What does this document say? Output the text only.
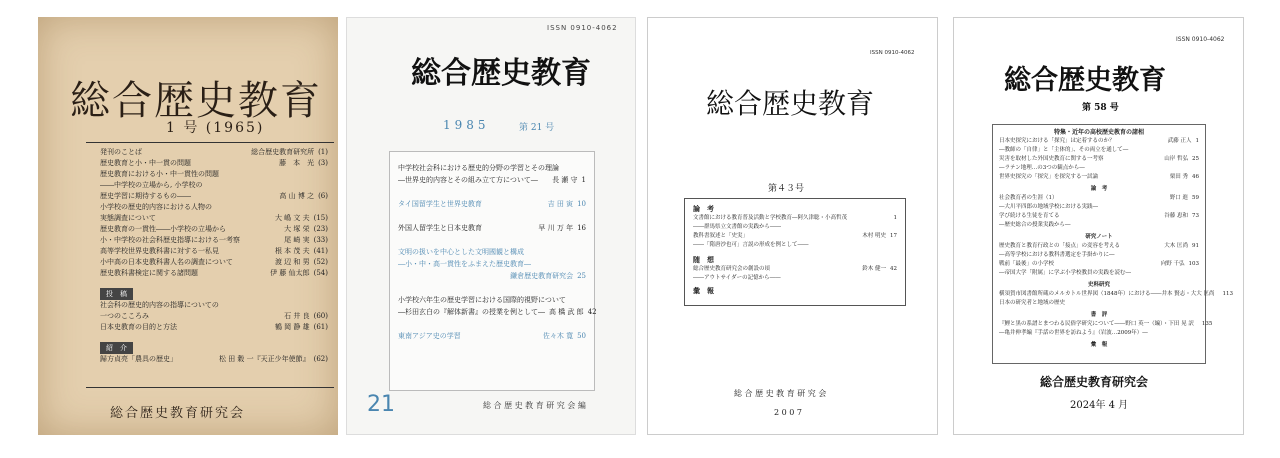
総合歴史教育
1 号 (1965)
発刊のことば	総合歴史教育研究所 (1)
歴史教育と小・中一貫の問題	藤　本　光 (3)
歴史教育における小・中一貫性の問題
――中学校の立場から, 小学校の
歴史学習に期待するもの――	高 山 博 之 (6)
小学校の歴史的内容における人物の
実態調査について	大 嶋 文 夫 (15)
歴史教育の一貫性――小学校の立場から	大 塚 栄 (23)
小・中学校の社会科歴史指導における一考察	尾 崎 実 (33)
高等学校世界史教科書に対する一私見	根 本 茂 夫 (41)
小中高の日本史教科書人名の調査について	渡 辺 和 男 (52)
歴史教科書検定に関する諸問題	伊 藤 仙太郎 (54)
投　稿
社会科の歴史的内容の指導についての
一つのこころみ	石 井 良 (60)
日本史教育の目的と方法	鶴 岡 静 雄 (61)
紹　介
歸方貞亮「農具の歴史」	松 田 穀 一『天正少年使節』 (62)
総合歴史教育研究会
ISSN 0910-4062
総合歴史教育
1985	第 21 号
中学校社会科における歴史的分野の学習とその理論
―世界史的内容とその組み立て方について― 長 瀬 守 1
タイ国留学生と世界史教育	吉 田 寅 10
外国人留学生と日本史教育	早 川 万 年 16
文明の扱いを中心とした文明國観と構成
―小・中・高一貫性をふまえた歴史教育―
鎌倉歴史教育研究会 25
小学校六年生の歴史学習における国際的視野について
―杉田玄白の『解体新書』の授業を例として― 高 橋 武 郎 42
東南アジア史の学習	佐々木 寛 50
21	総 合 歴 史 教 育 研 究 会 編
ISSN 0910-4062
総合歴史教育
第４３号
論　考
文書館における教育普及活動と学校教育―阿久津聡・小高哲茂	1
――群馬県立文書館の実践から――
教科書叙述と「史実」	木村 明史 17
――「隋唐沙也可」言説の形成を例として――
随　想
総合歴史教育研究会の創設の頃	鈴木 健一 42
――アウトサイダーの記憶から――
彙　報
総 合 歴 史 教 育 研 究 会
2 0 0 7
ISSN 0910-4062
総合歴史教育
第 58 号
特集・近年の高校歴史教育の諸相
日本史探究における「探究」は定着するのか？	武藤 正人 1
―教師の「自律」と「主体的」、その両立を通して―
災害を取材した外国史教育に関する一考察	山岸 哲弘 25
―ラテン地理…の3つの観点から―
世界史探究の「探究」を探究する一試論	栗田 秀 46
論　考
社会教育者の生涯（1）	野口 進 59
―大川平四郎の地域学校における実践―
学び続ける生徒を育てる	谷藤 恵和 73
―歴史総合の授業実践から―
研究ノート
歴史教育と教育行政との「接点」の変容を考える	大木 匡尚 91
―高等学校における教科書選定を手掛かりに―
戦前「最後」の小学校	向野 千弘 103
―帝国大学「附属」に学ぶ小学校教員の実践を読む―
史料研究
横須賀市図書館所蔵のメルカトル世界図（1848年）における――井本 賢志・大大 匡尚	113
日本の研究者と地域の歴史
書　評
『鯉と黒の系譜とまつわる民俗学研究について――野口 英一（編）・下田 晃 訳	135
―亀井伸孝編『手話の世界を訪ねよう』（岩波…2009年）―
彙　報
総合歴史教育研究会
2024年 4 月
